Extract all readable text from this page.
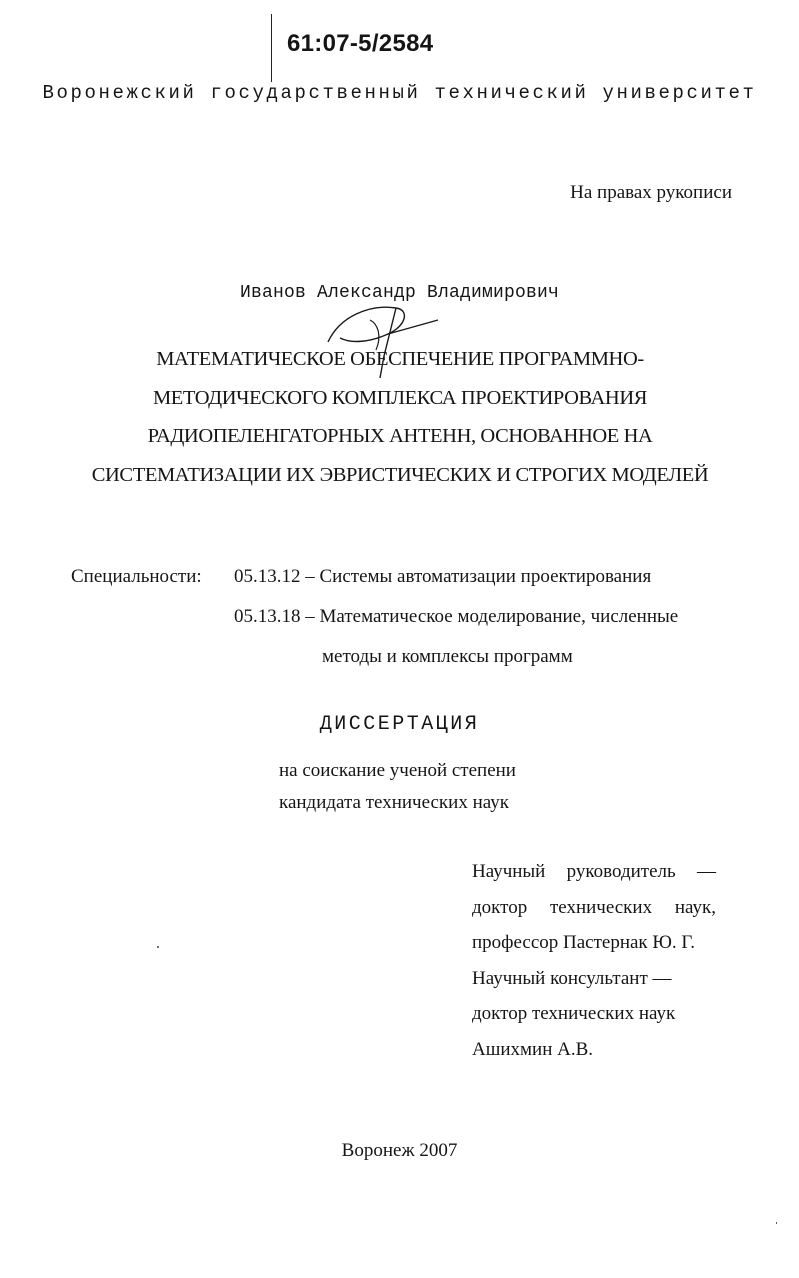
61:07-5/2584
Воронежский государственный технический университет
На правах рукописи
Иванов Александр Владимирович
МАТЕМАТИЧЕСКОЕ ОБЕСПЕЧЕНИЕ ПРОГРАММНО-
МЕТОДИЧЕСКОГО КОМПЛЕКСА ПРОЕКТИРОВАНИЯ
РАДИОПЕЛЕНГАТОРНЫХ АНТЕНН, ОСНОВАННОЕ НА
СИСТЕМАТИЗАЦИИ ИХ ЭВРИСТИЧЕСКИХ И СТРОГИХ МОДЕЛЕЙ
Специальности: 05.13.12 – Системы автоматизации проектирования
05.13.18 – Математическое моделирование, численные
методы и комплексы программ
ДИССЕРТАЦИЯ
на соискание ученой степени
кандидата технических наук
Научный руководитель —
доктор технических наук,
профессор Пастернак Ю. Г.
Научный консультант —
доктор технических наук
Ашихмин А.В.
Воронеж 2007
